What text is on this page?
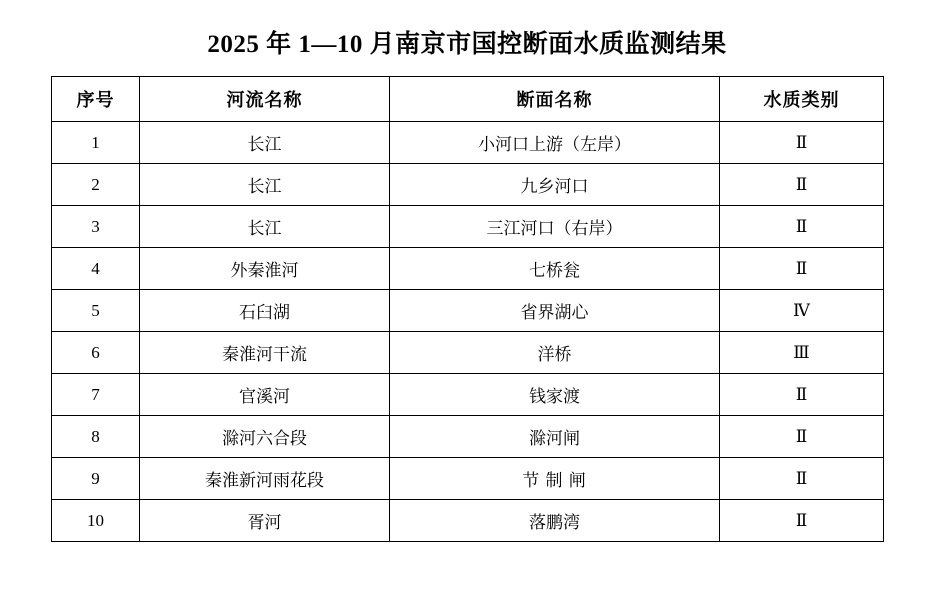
2025 年 1—10 月南京市国控断面水质监测结果
序号	河流名称	断面名称	水质类别
1	长江	小河口上游（左岸）	Ⅱ
2	长江	九乡河口	Ⅱ
3	长江	三江河口（右岸）	Ⅱ
4	外秦淮河	七桥瓮	Ⅱ
5	石臼湖	省界湖心	Ⅳ
6	秦淮河干流	洋桥	Ⅲ
7	官溪河	钱家渡	Ⅱ
8	滁河六合段	滁河闸	Ⅱ
9	秦淮新河雨花段	节 制 闸	Ⅱ
10	胥河	落鹏湾	Ⅱ
